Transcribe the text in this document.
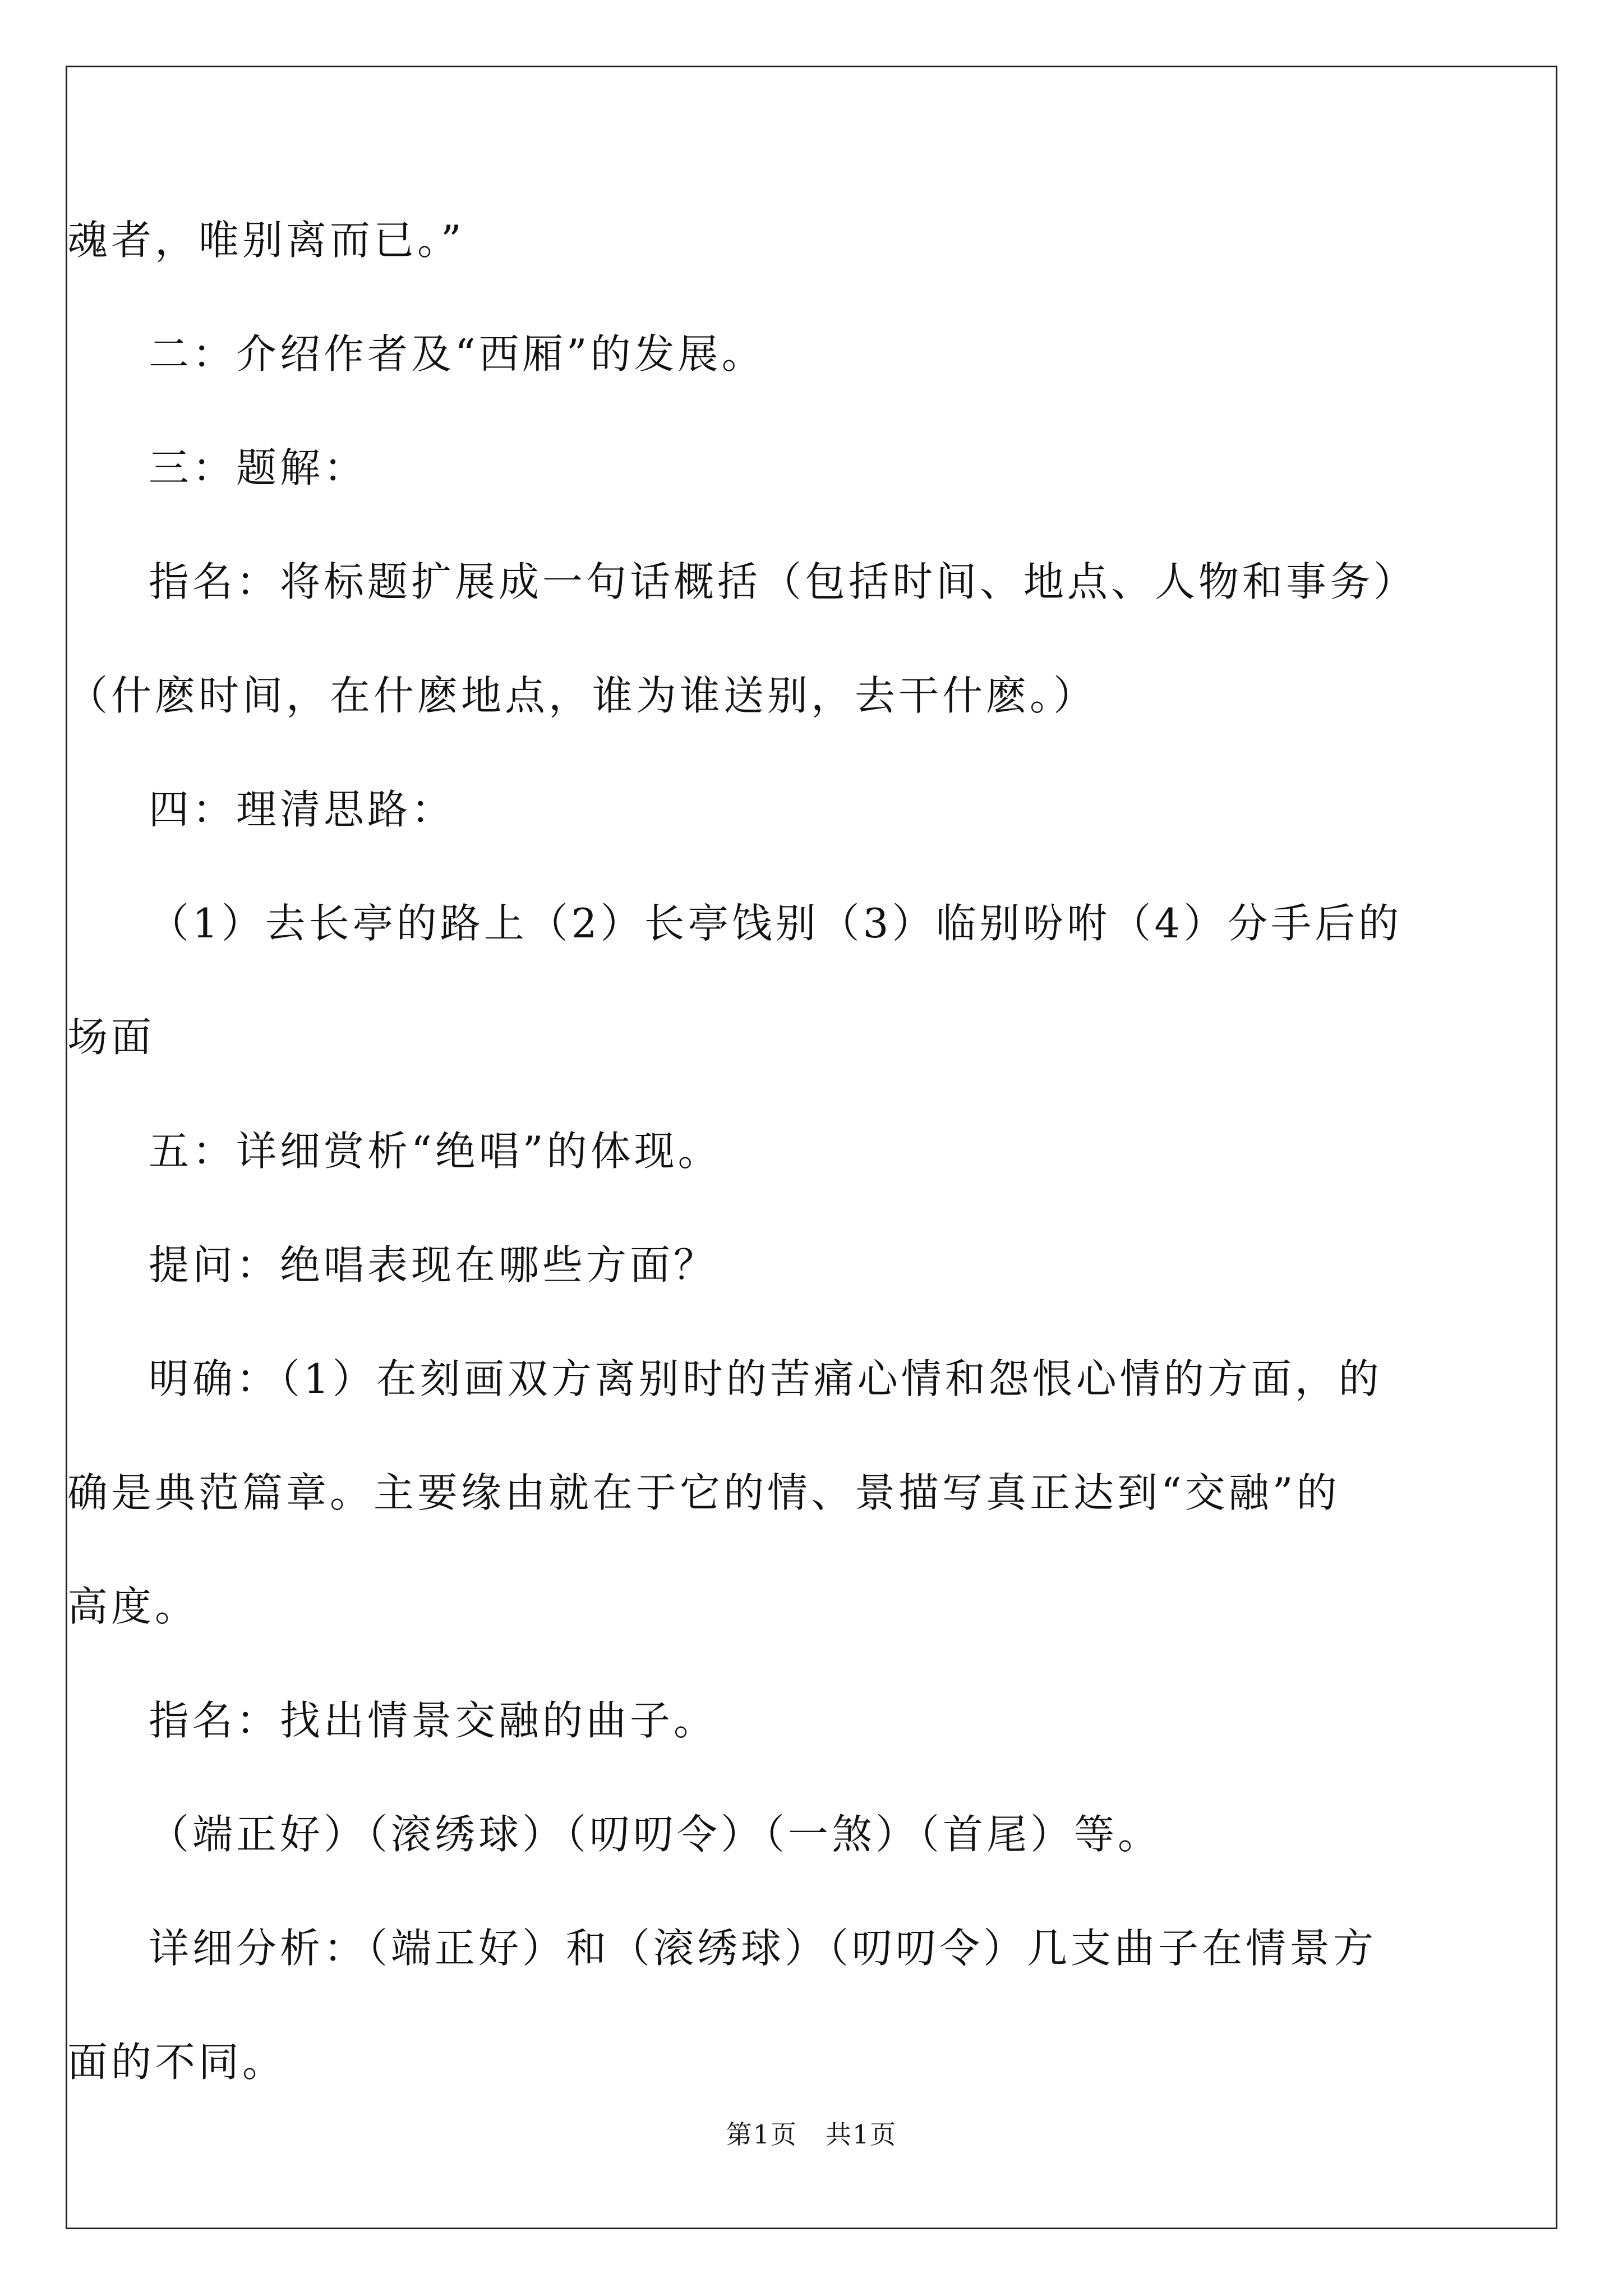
魂者，唯别离而已。”

二：介绍作者及“西厢”的发展。

三：题解：

指名：将标题扩展成一句话概括（包括时间、地点、人物和事务）

（什麽时间，在什麽地点，谁为谁送别，去干什麽。）

四：理清思路：

（1）去长亭的路上（2）长亭饯别（3）临别吩咐（4）分手后的

场面

五：详细赏析“绝唱”的体现。

提问：绝唱表现在哪些方面？

明确：（1）在刻画双方离别时的苦痛心情和怨恨心情的方面，的

确是典范篇章。主要缘由就在于它的情、景描写真正达到“交融”的

高度。

指名：找出情景交融的曲子。

（端正好）（滚绣球）（叨叨令）（一煞）（首尾）等。

详细分析：（端正好）和（滚绣球）（叨叨令）几支曲子在情景方

面的不同。

第1页 共1页
